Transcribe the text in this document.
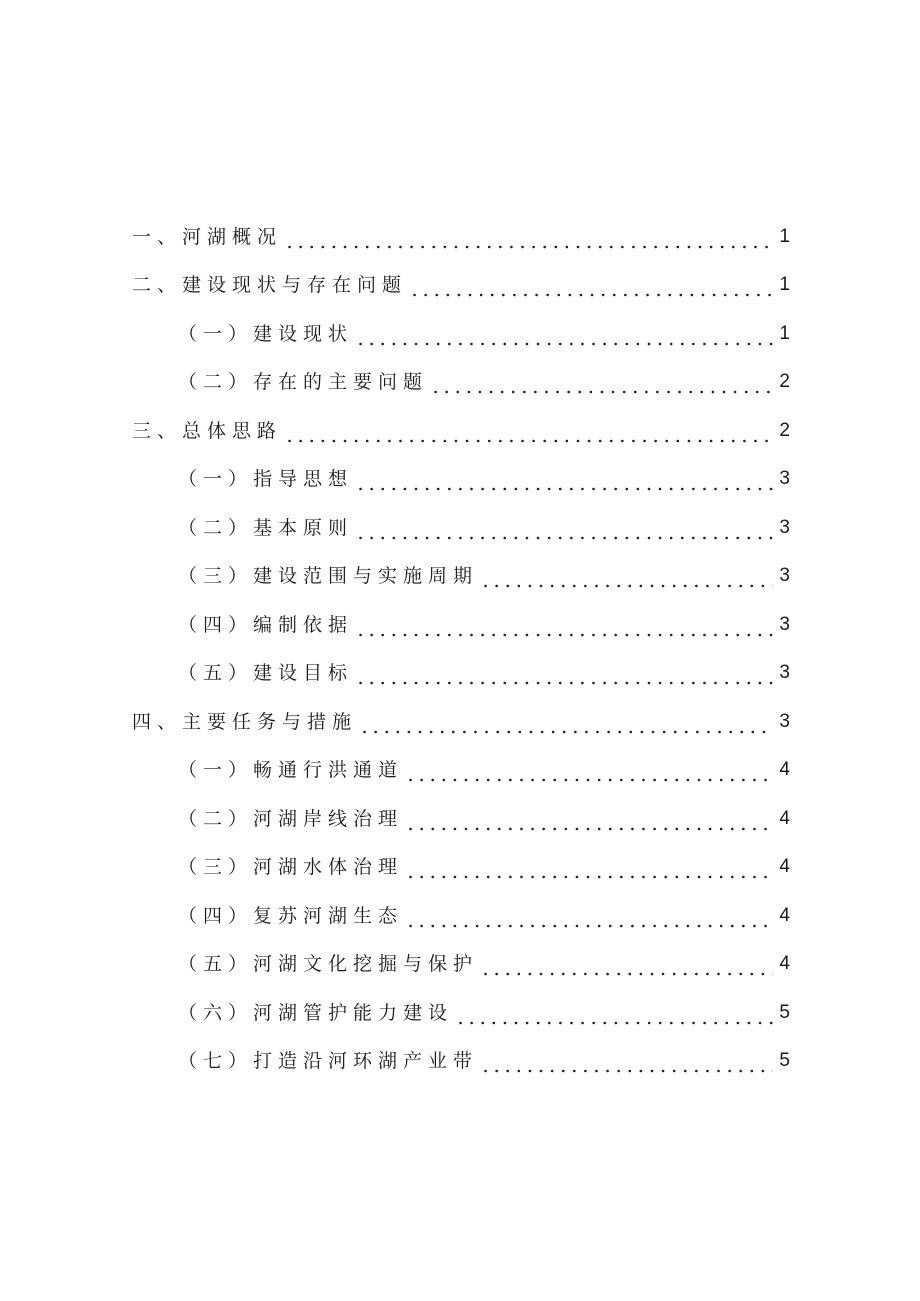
一、河湖概况	1
二、建设现状与存在问题	1
（一）建设现状	1
（二）存在的主要问题	2
三、总体思路	2
（一）指导思想	3
（二）基本原则	3
（三）建设范围与实施周期	3
（四）编制依据	3
（五）建设目标	3
四、主要任务与措施	3
（一）畅通行洪通道	4
（二）河湖岸线治理	4
（三）河湖水体治理	4
（四）复苏河湖生态	4
（五）河湖文化挖掘与保护	4
（六）河湖管护能力建设	5
（七）打造沿河环湖产业带	5
